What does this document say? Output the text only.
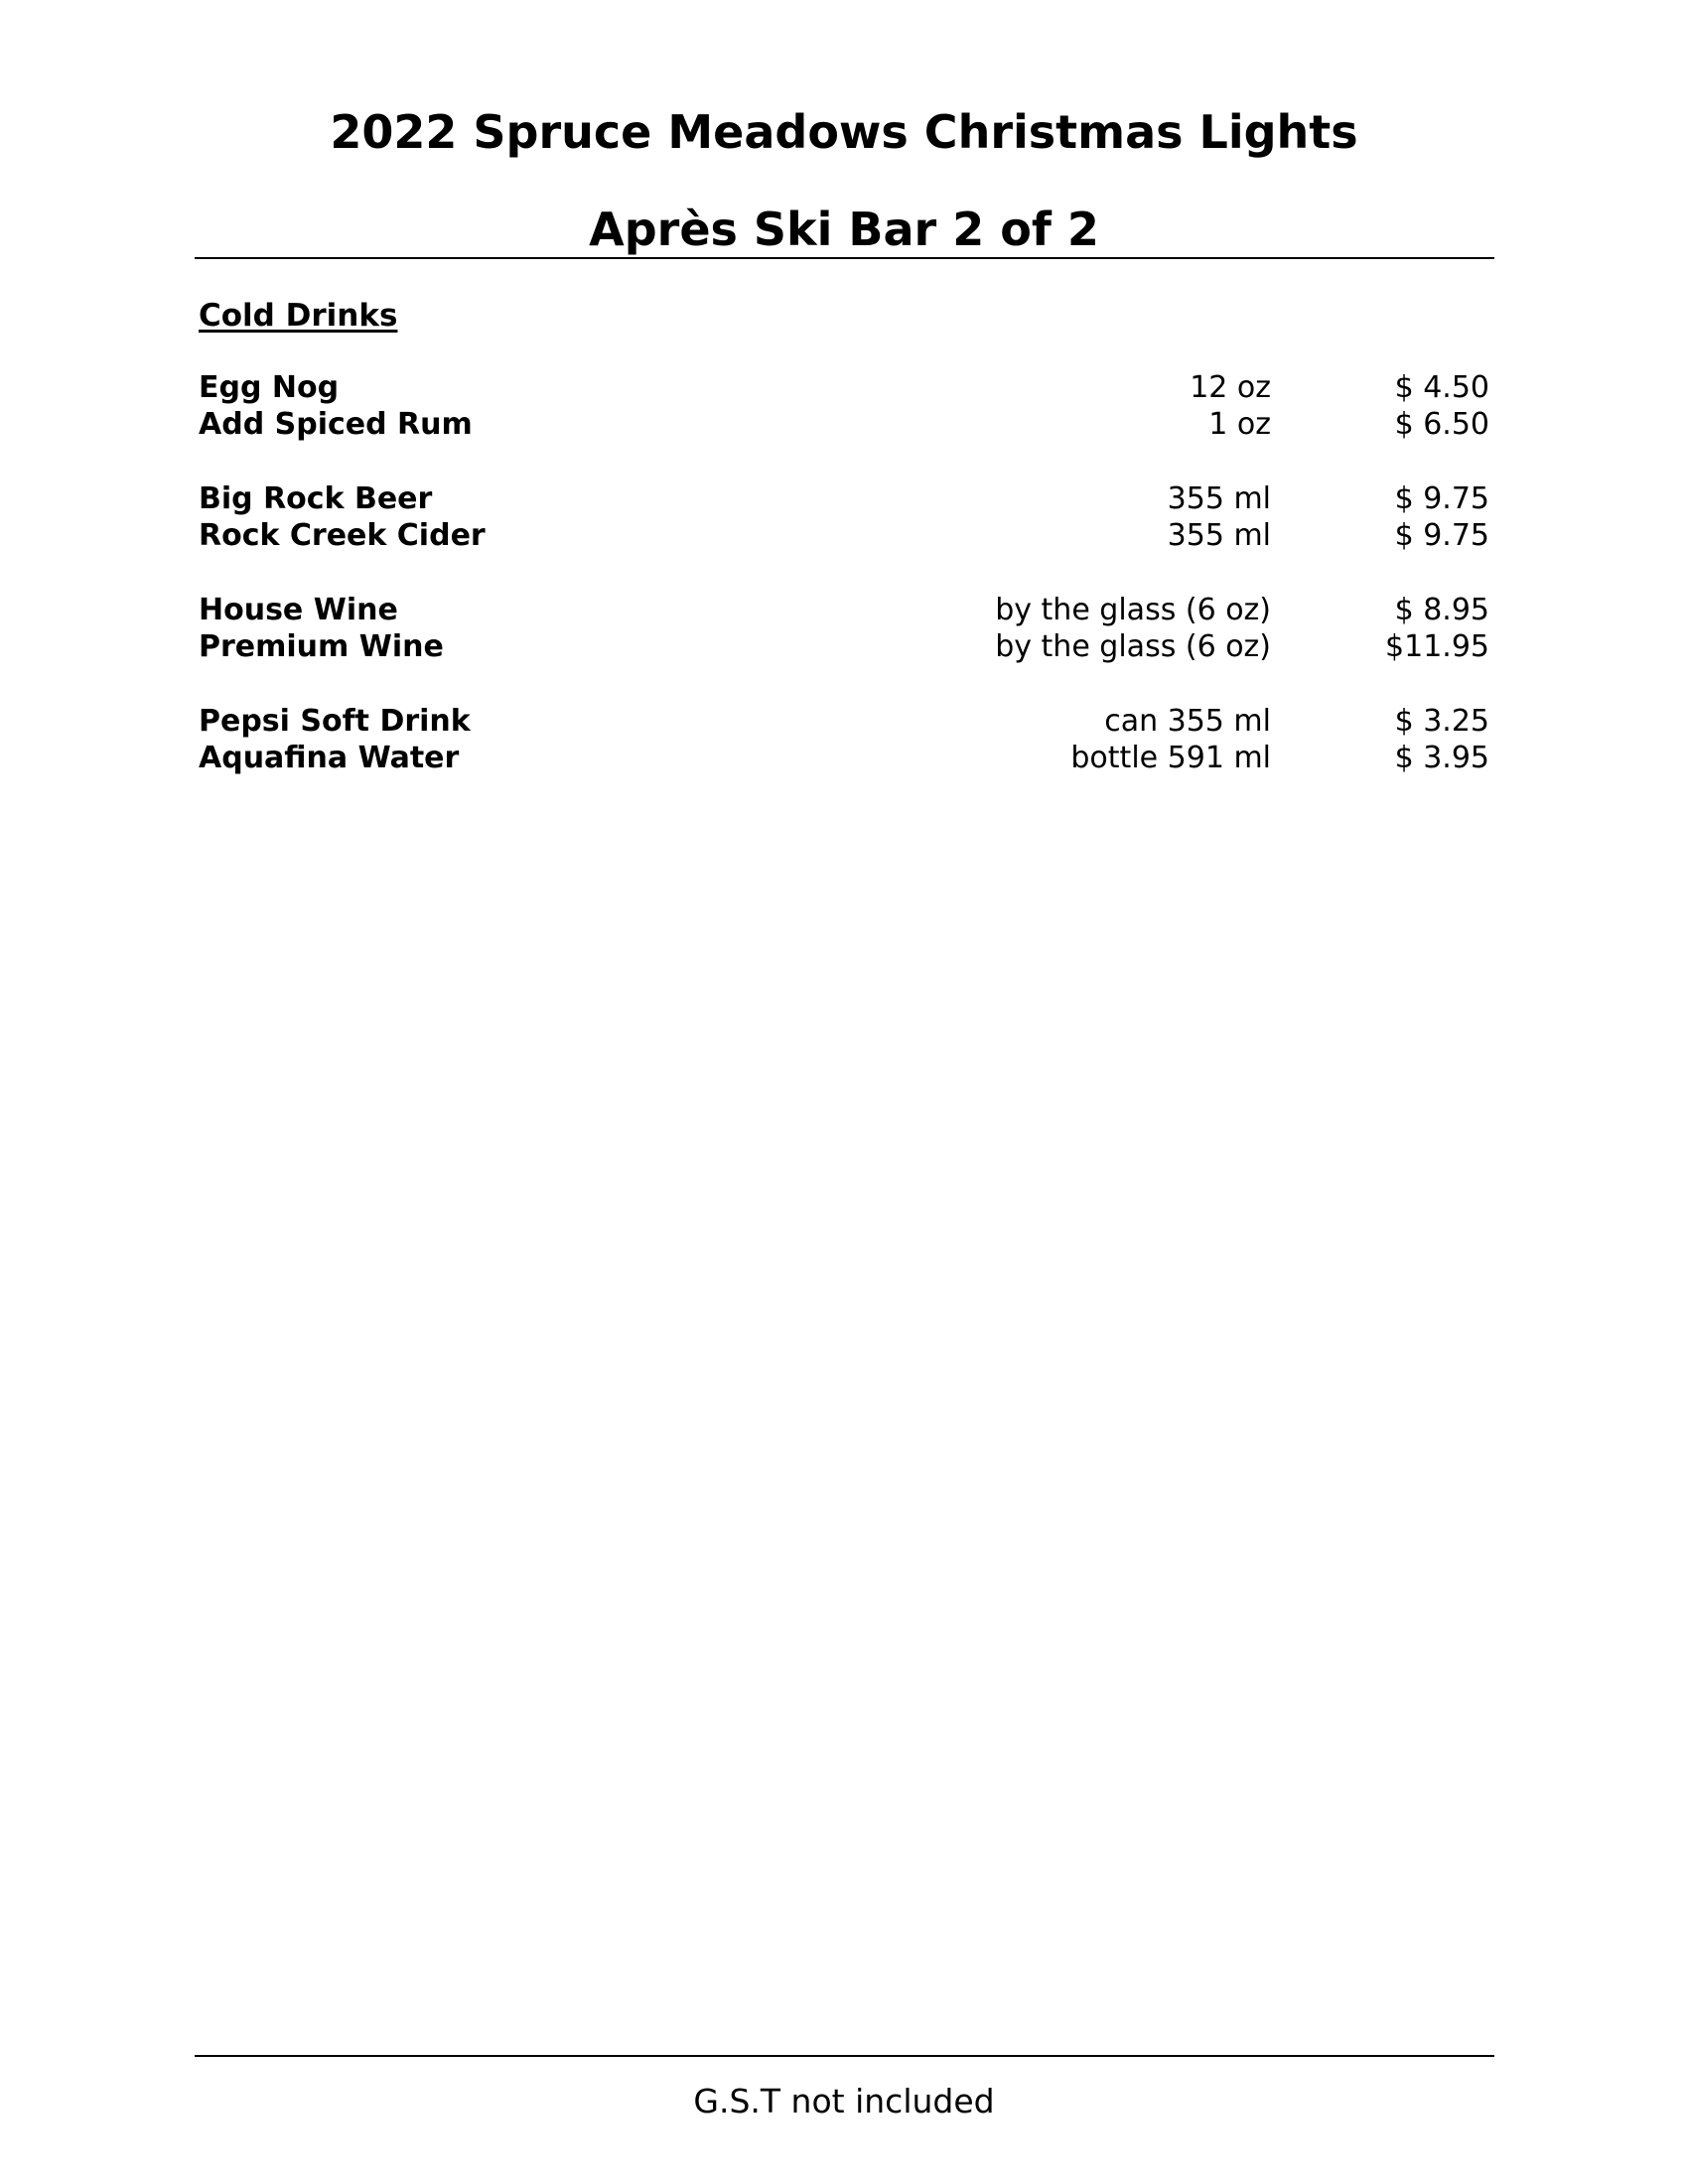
2022 Spruce Meadows Christmas Lights
Après Ski Bar 2 of 2
Cold Drinks
Egg Nog	12 oz	$ 4.50
Add Spiced Rum	1 oz	$ 6.50
Big Rock Beer	355 ml	$ 9.75
Rock Creek Cider	355 ml	$ 9.75
House Wine	by the glass (6 oz)	$ 8.95
Premium Wine	by the glass (6 oz)	$11.95
Pepsi Soft Drink	can 355 ml	$ 3.25
Aquafina Water	bottle 591 ml	$ 3.95
G.S.T not included
